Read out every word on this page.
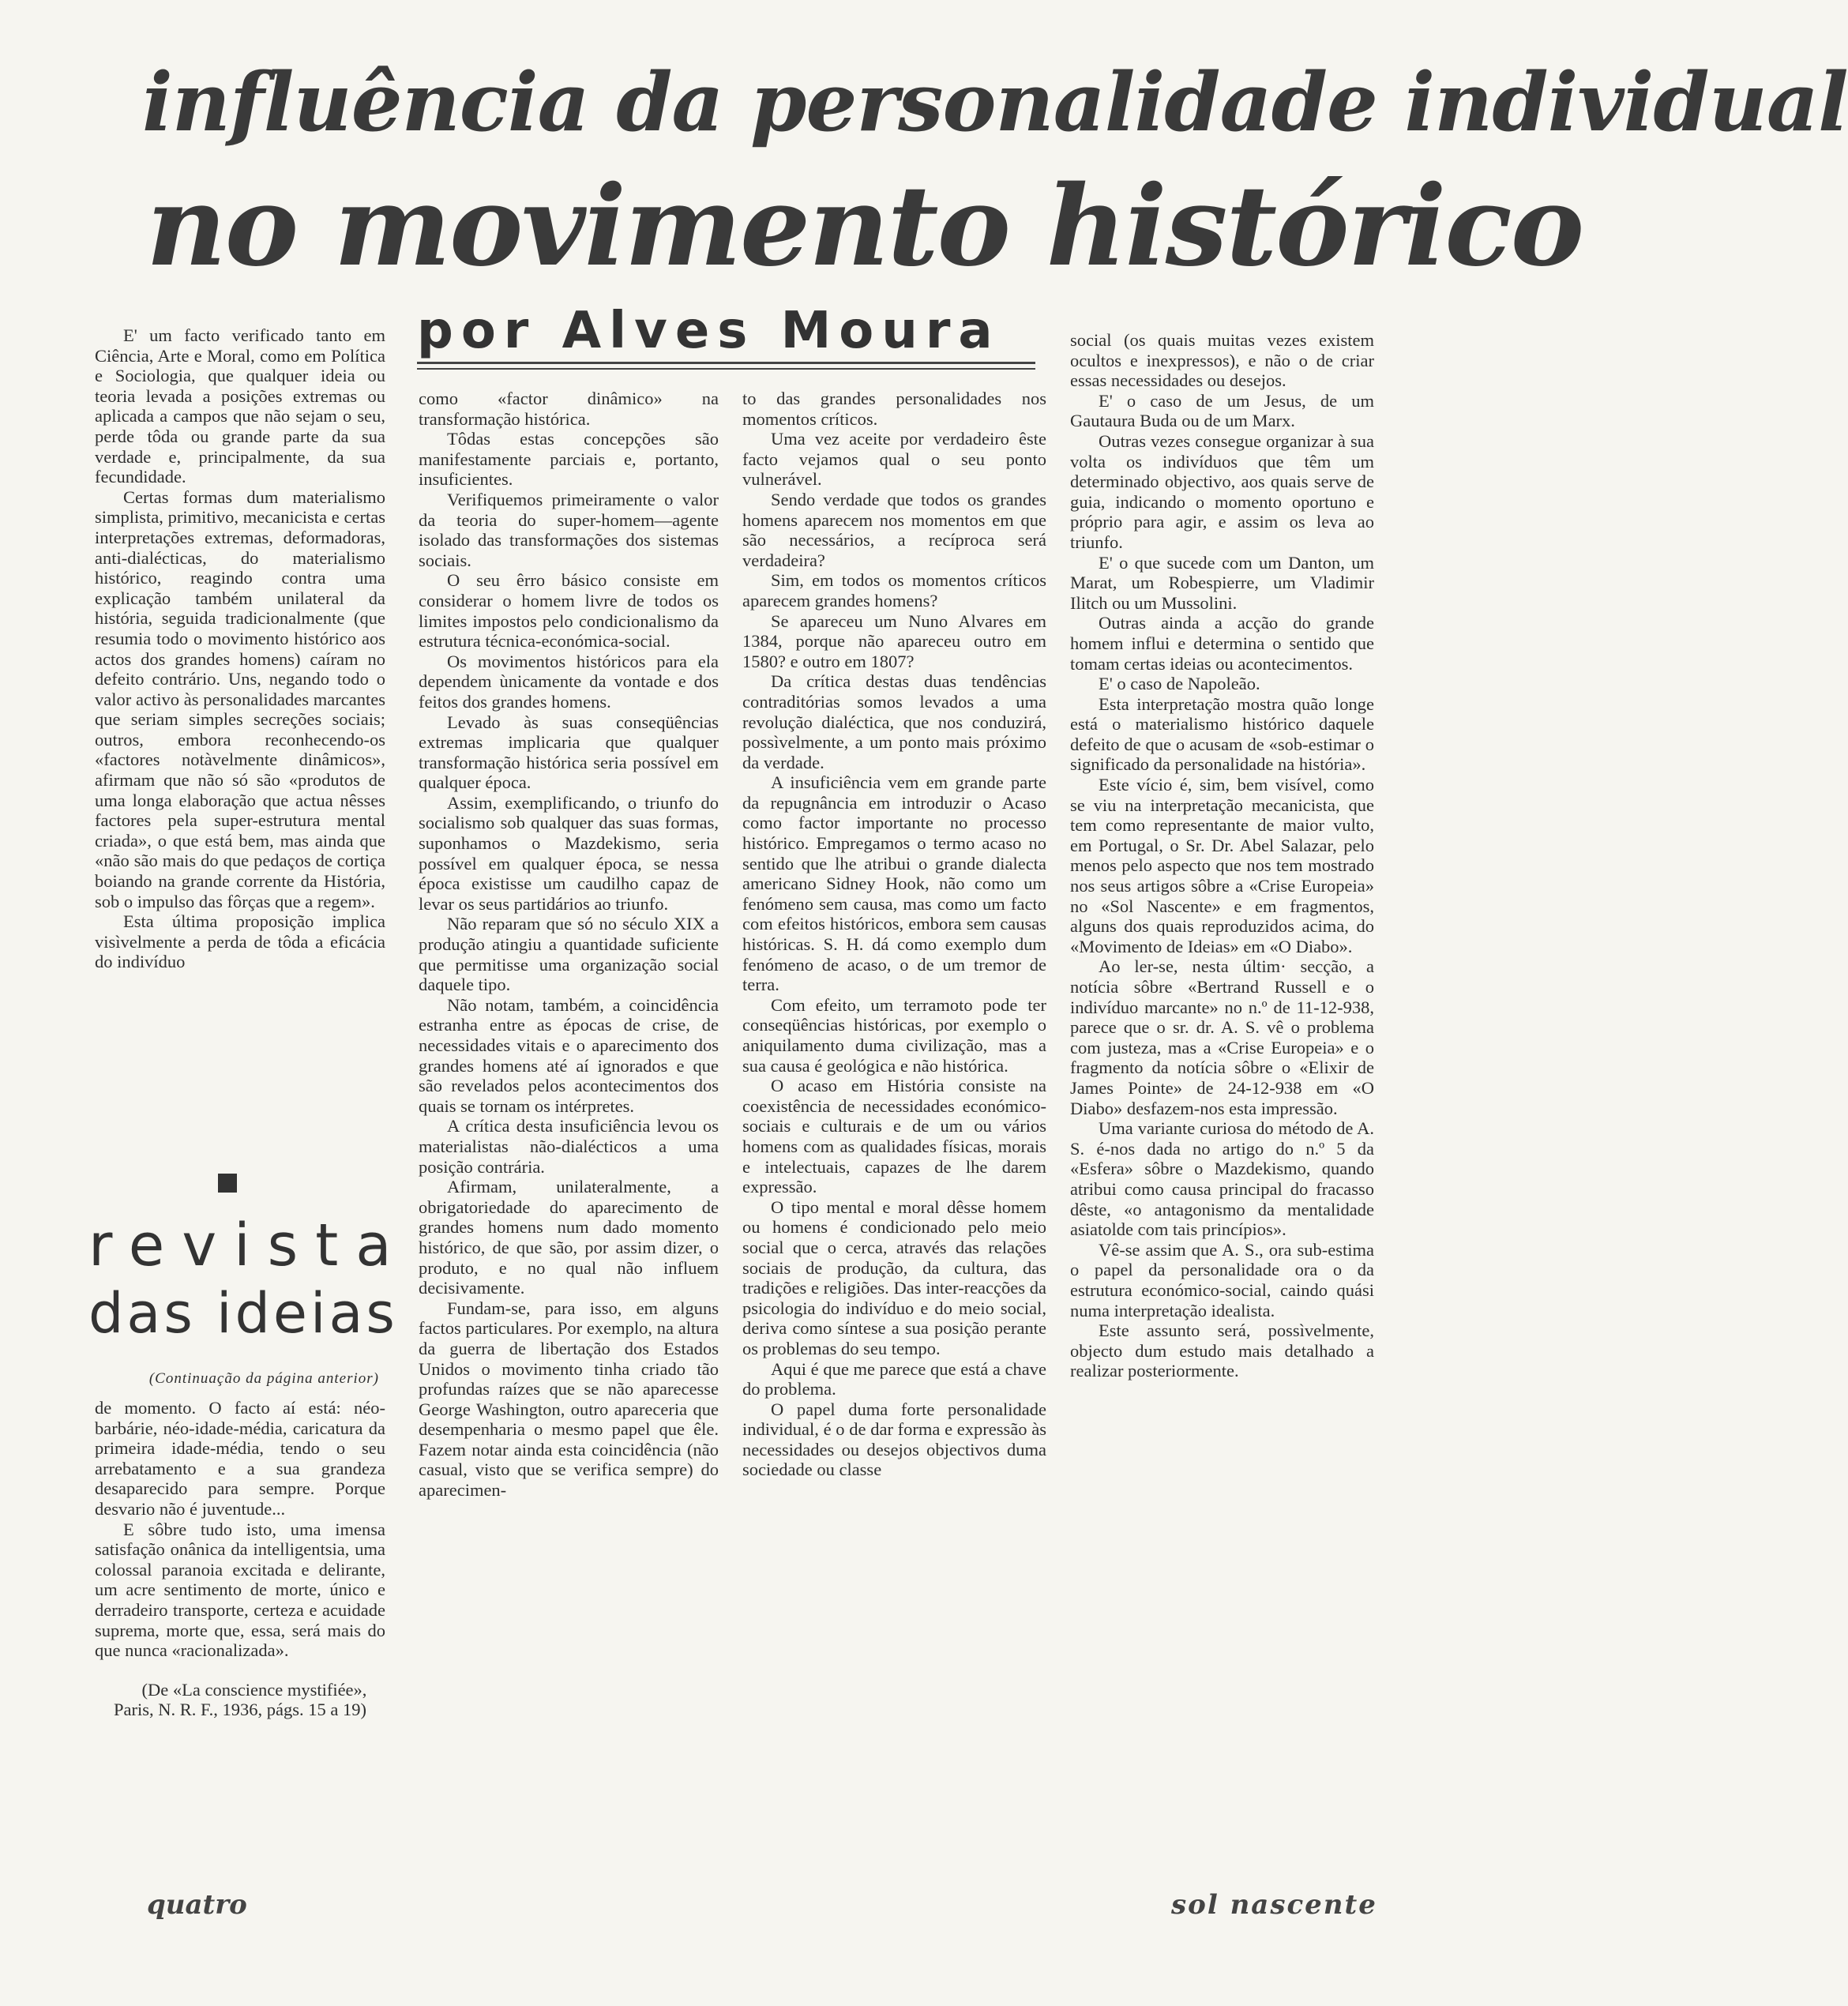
influência da personalidade individual
no movimento histórico
por Alves Moura

E' um facto verificado tanto em Ciência, Arte e Moral, como em Política e Sociologia, que qualquer ideia ou teoria levada a posições extremas ou aplicada a campos que não sejam o seu, perde tôda ou grande parte da sua verdade e, principalmente, da sua fecundidade.

Certas formas dum materialismo simplista, primitivo, mecanicista e certas interpretações extremas, deformadoras, anti-dialécticas, do materialismo histórico, reagindo contra uma explicação também unilateral da história, seguida tradicionalmente (que resumia todo o movimento histórico aos actos dos grandes homens) caíram no defeito contrário. Uns, negando todo o valor activo às personalidades marcantes que seriam simples secreções sociais; outros, embora reconhecendo-os «factores notàvelmente dinâmicos», afirmam que não só são «produtos de uma longa elaboração que actua nêsses factores pela super-estrutura mental criada», o que está bem, mas ainda que «não são mais do que pedaços de cortiça boiando na grande corrente da História, sob o impulso das fôrças que a regem».

Esta última proposição implica visìvelmente a perda de tôda a eficácia do indivíduo

revista
das ideias

(Continuação da página anterior)

de momento. O facto aí está: néo-barbárie, néo-idade-média, caricatura da primeira idade-média, tendo o seu arrebatamento e a sua grandeza desaparecido para sempre. Porque desvario não é juventude...

E sôbre tudo isto, uma imensa satisfação onânica da intelligentsia, uma colossal paranoia excitada e delirante, um acre sentimento de morte, único e derradeiro transporte, certeza e acuidade suprema, morte que, essa, será mais do que nunca «racionalizada».

(De «La conscience mystifiée», Paris, N. R. F., 1936, págs. 15 a 19)

como «factor dinâmico» na transformação histórica.

Tôdas estas concepções são manifestamente parciais e, portanto, insuficientes.

Verifiquemos primeiramente o valor da teoria do super-homem—agente isolado das transformações dos sistemas sociais.

O seu êrro básico consiste em considerar o homem livre de todos os limites impostos pelo condicionalismo da estrutura técnica-económica-social.

Os movimentos históricos para ela dependem ùnicamente da vontade e dos feitos dos grandes homens.

Levado às suas conseqüências extremas implicaria que qualquer transformação histórica seria possível em qualquer época.

Assim, exemplificando, o triunfo do socialismo sob qualquer das suas formas, suponhamos o Mazdekismo, seria possível em qualquer época, se nessa época existisse um caudilho capaz de levar os seus partidários ao triunfo.

Não reparam que só no século XIX a produção atingiu a quantidade suficiente que permitisse uma organização social daquele tipo.

Não notam, também, a coincidência estranha entre as épocas de crise, de necessidades vitais e o aparecimento dos grandes homens até aí ignorados e que são revelados pelos acontecimentos dos quais se tornam os intérpretes.

A crítica desta insuficiência levou os materialistas não-dialécticos a uma posição contrária.

Afirmam, unilateralmente, a obrigatoriedade do aparecimento de grandes homens num dado momento histórico, de que são, por assim dizer, o produto, e no qual não influem decisivamente.

Fundam-se, para isso, em alguns factos particulares. Por exemplo, na altura da guerra de libertação dos Estados Unidos o movimento tinha criado tão profundas raízes que se não aparecesse George Washington, outro apareceria que desempenharia o mesmo papel que êle. Fazem notar ainda esta coincidência (não casual, visto que se verifica sempre) do aparecimen-

to das grandes personalidades nos momentos críticos.

Uma vez aceite por verdadeiro êste facto vejamos qual o seu ponto vulnerável.

Sendo verdade que todos os grandes homens aparecem nos momentos em que são necessários, a recíproca será verdadeira?

Sim, em todos os momentos críticos aparecem grandes homens?

Se apareceu um Nuno Alvares em 1384, porque não apareceu outro em 1580? e outro em 1807?

Da crítica destas duas tendências contraditórias somos levados a uma revolução dialéctica, que nos conduzirá, possìvelmente, a um ponto mais próximo da verdade.

A insuficiência vem em grande parte da repugnância em introduzir o Acaso como factor importante no processo histórico. Empregamos o termo acaso no sentido que lhe atribui o grande dialecta americano Sidney Hook, não como um fenómeno sem causa, mas como um facto com efeitos históricos, embora sem causas históricas. S. H. dá como exemplo dum fenómeno de acaso, o de um tremor de terra.

Com efeito, um terramoto pode ter conseqüências históricas, por exemplo o aniquilamento duma civilização, mas a sua causa é geológica e não histórica.

O acaso em História consiste na coexistência de necessidades económico-sociais e culturais e de um ou vários homens com as qualidades físicas, morais e intelectuais, capazes de lhe darem expressão.

O tipo mental e moral dêsse homem ou homens é condicionado pelo meio social que o cerca, através das relações sociais de produção, da cultura, das tradições e religiões. Das inter-reacções da psicologia do indivíduo e do meio social, deriva como síntese a sua posição perante os problemas do seu tempo.

Aqui é que me parece que está a chave do problema.

O papel duma forte personalidade individual, é o de dar forma e expressão às necessidades ou desejos objectivos duma sociedade ou classe

social (os quais muitas vezes existem ocultos e inexpressos), e não o de criar essas necessidades ou desejos.

E' o caso de um Jesus, de um Gautaura Buda ou de um Marx.

Outras vezes consegue organizar à sua volta os indivíduos que têm um determinado objectivo, aos quais serve de guia, indicando o momento oportuno e próprio para agir, e assim os leva ao triunfo.

E' o que sucede com um Danton, um Marat, um Robespierre, um Vladimir Ilitch ou um Mussolini.

Outras ainda a acção do grande homem influi e determina o sentido que tomam certas ideias ou acontecimentos.

E' o caso de Napoleão.

Esta interpretação mostra quão longe está o materialismo histórico daquele defeito de que o acusam de «sob-estimar o significado da personalidade na história».

Este vício é, sim, bem visível, como se viu na interpretação mecanicista, que tem como representante de maior vulto, em Portugal, o Sr. Dr. Abel Salazar, pelo menos pelo aspecto que nos tem mostrado nos seus artigos sôbre a «Crise Europeia» no «Sol Nascente» e em fragmentos, alguns dos quais reproduzidos acima, do «Movimento de Ideias» em «O Diabo».

Ao ler-se, nesta últim· secção, a notícia sôbre «Bertrand Russell e o indivíduo marcante» no n.º de 11-12-938, parece que o sr. dr. A. S. vê o problema com justeza, mas a «Crise Europeia» e o fragmento da notícia sôbre o «Elixir de James Pointe» de 24-12-938 em «O Diabo» desfazem-nos esta impressão.

Uma variante curiosa do método de A. S. é-nos dada no artigo do n.º 5 da «Esfera» sôbre o Mazdekismo, quando atribui como causa principal do fracasso dêste, «o antagonismo da mentalidade asiatolde com tais princípios».

Vê-se assim que A. S., ora sub-estima o papel da personalidade ora o da estrutura económico-social, caindo quási numa interpretação idealista.

Este assunto será, possìvelmente, objecto dum estudo mais detalhado a realizar posteriormente.

quatro	sol nascente
